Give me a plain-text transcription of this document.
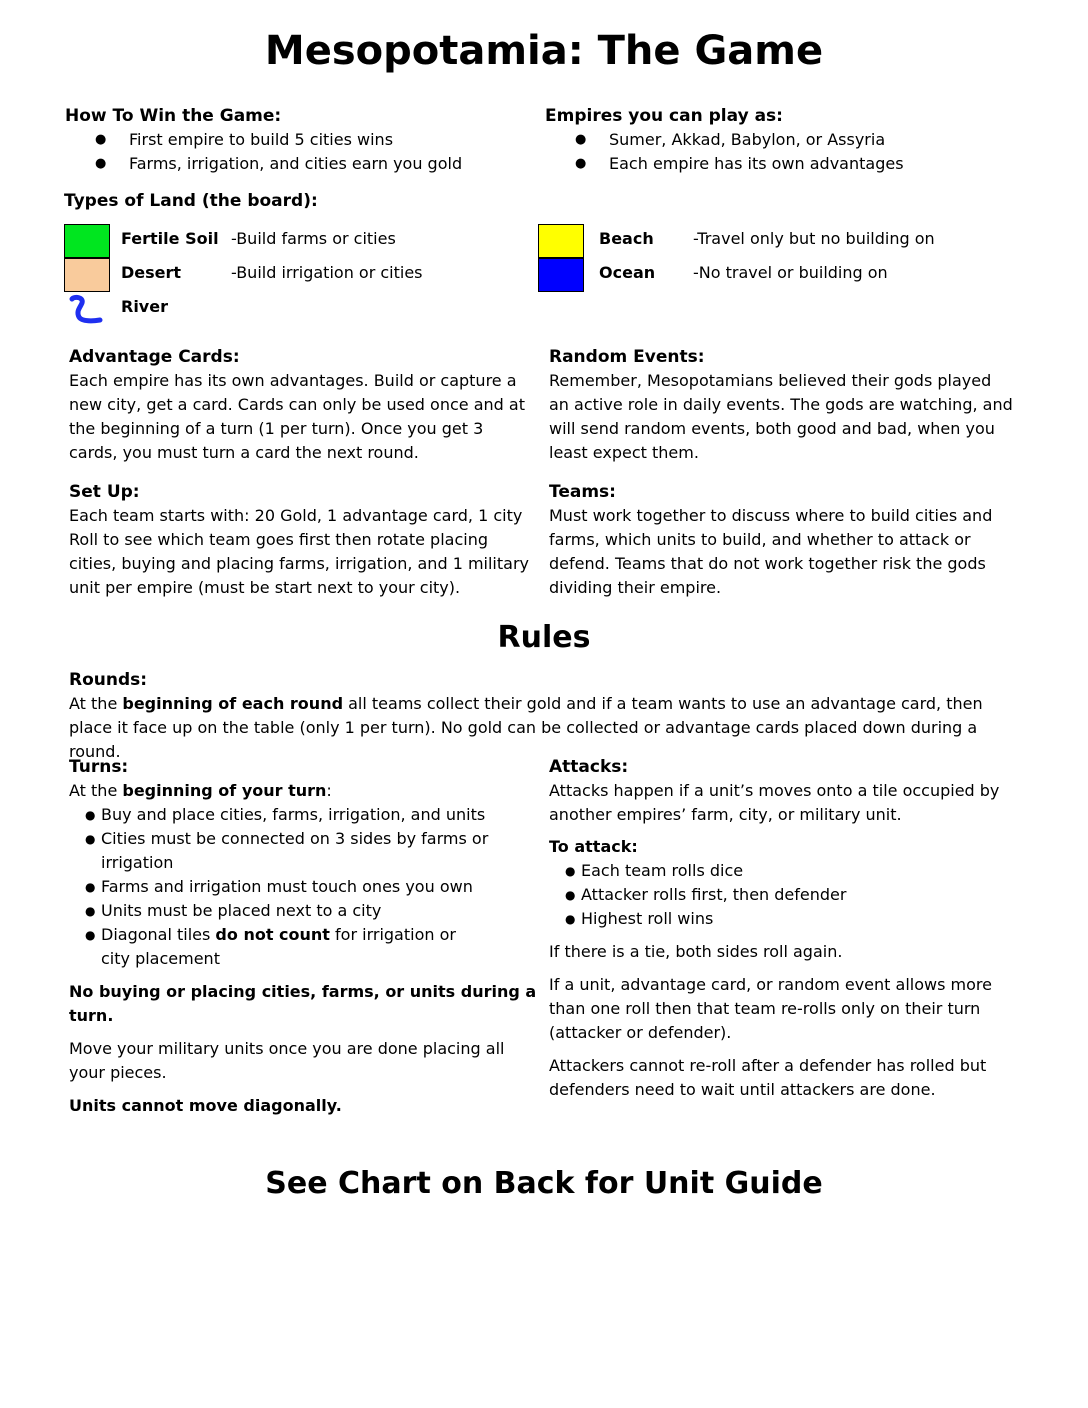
Mesopotamia: The Game
How To Win the Game:
● First empire to build 5 cities wins
● Farms, irrigation, and cities earn you gold
Empires you can play as:
● Sumer, Akkad, Babylon, or Assyria
● Each empire has its own advantages
Types of Land (the board):
Fertile Soil -Build farms or cities
Desert	-Build irrigation or cities
River
Beach -Travel only but no building on
Ocean -No travel or building on
Advantage Cards:

Each empire has its own advantages. Build or capture a new city, get a card. Cards can only be used once and at the beginning of a turn (1 per turn). Once you get 3 cards, you must turn a card the next round.

Random Events:

Remember, Mesopotamians believed their gods played an active role in daily events. The gods are watching, and will send random events, both good and bad, when you least expect them.

Set Up:

Each team starts with: 20 Gold, 1 advantage card, 1 city

Roll to see which team goes first then rotate placing cities, buying and placing farms, irrigation, and 1 military unit per empire (must be start next to your city).

Teams:

Must work together to discuss where to build cities and farms, which units to build, and whether to attack or defend. Teams that do not work together risk the gods dividing their empire.

Rules
Rounds:

At the beginning of each round all teams collect their gold and if a team wants to use an advantage card, then place it face up on the table (only 1 per turn). No gold can be collected or advantage cards placed down during a round.

Turns:

At the beginning of your turn:

● Buy and place cities, farms, irrigation, and units
● Cities must be connected on 3 sides by farms or irrigation
● Farms and irrigation must touch ones you own
● Units must be placed next to a city
● Diagonal tiles do not count for irrigation or city placement

No buying or placing cities, farms, or units during a turn.

Move your military units once you are done placing all your pieces.

Units cannot move diagonally.

Attacks:

Attacks happen if a unit’s moves onto a tile occupied by another empires’ farm, city, or military unit.

To attack:

● Each team rolls dice
● Attacker rolls first, then defender
● Highest roll wins

If there is a tie, both sides roll again.

If a unit, advantage card, or random event allows more than one roll then that team re-rolls only on their turn (attacker or defender).

Attackers cannot re-roll after a defender has rolled but defenders need to wait until attackers are done.

See Chart on Back for Unit Guide
